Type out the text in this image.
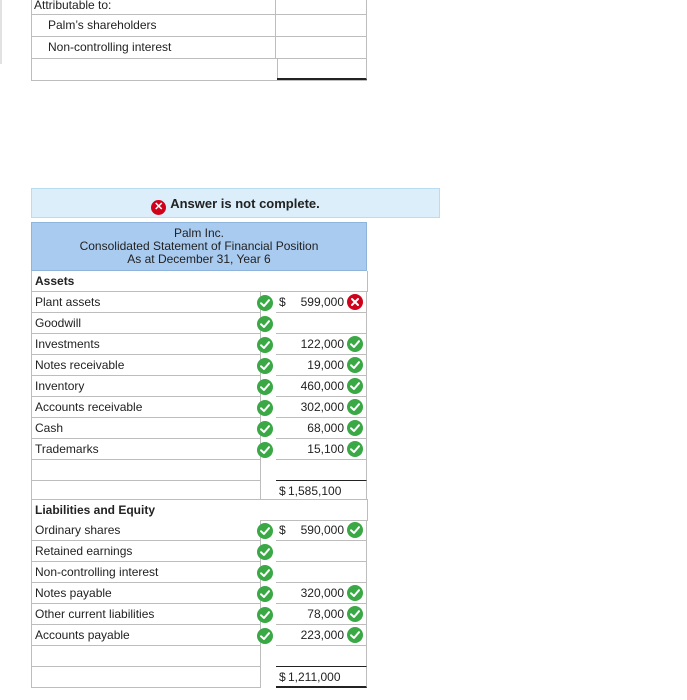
Attributable to:
Palm’s shareholders
Non-controlling interest
✕ Answer is not complete.
Palm Inc.
Consolidated Statement of Financial Position
As at December 31, Year 6
Assets
Plant assets	$ 599,000
Goodwill
Investments	122,000
Notes receivable	19,000
Inventory	460,000
Accounts receivable	302,000
Cash	68,000
Trademarks	15,100
$ 1,585,100
Liabilities and Equity
Ordinary shares	$ 590,000
Retained earnings
Non-controlling interest
Notes payable	320,000
Other current liabilities	78,000
Accounts payable	223,000
$ 1,211,000
